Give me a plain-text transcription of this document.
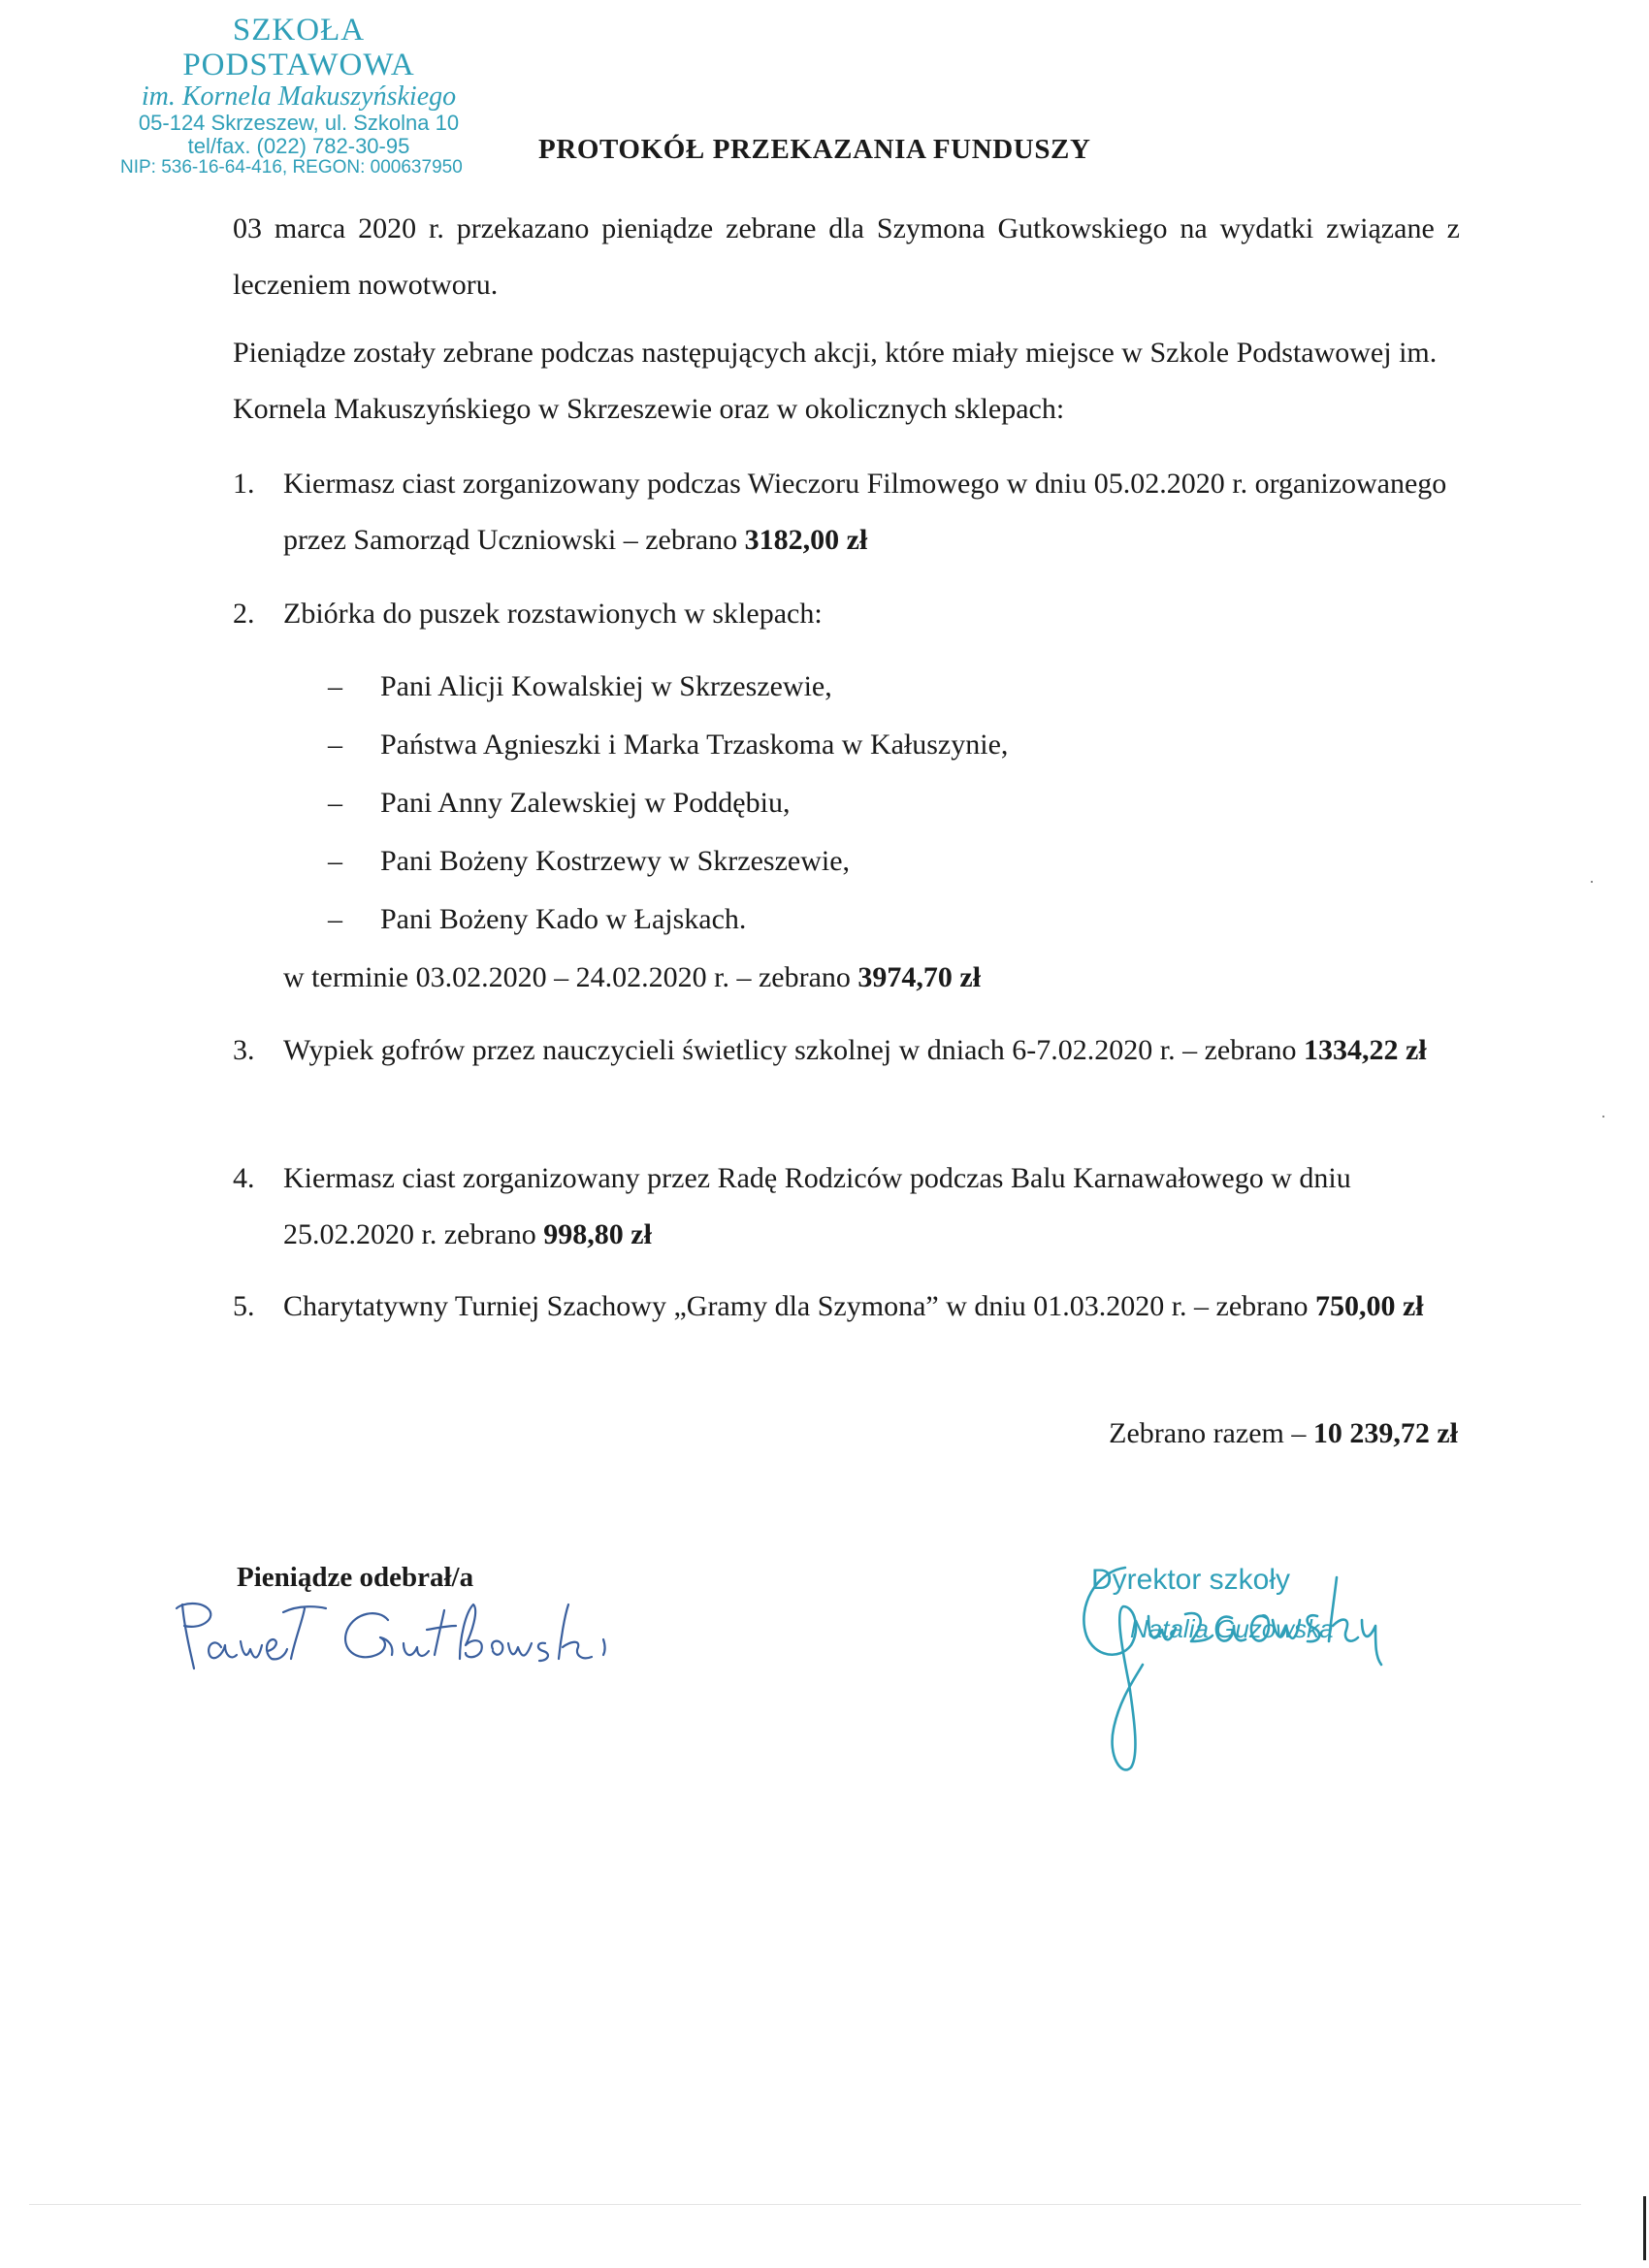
SZKOŁA PODSTAWOWA
im. Kornela Makuszyńskiego
05-124 Skrzeszew, ul. Szkolna 10
tel/fax. (022) 782-30-95
NIP: 536-16-64-416, REGON: 000637950
PROTOKÓŁ PRZEKAZANIA FUNDUSZY
03 marca 2020 r. przekazano pieniądze zebrane dla Szymona Gutkowskiego na wydatki związane z leczeniem nowotworu.
Pieniądze zostały zebrane podczas następujących akcji, które miały miejsce w Szkole Podstawowej im. Kornela Makuszyńskiego w Skrzeszewie oraz w okolicznych sklepach:
1. Kiermasz ciast zorganizowany podczas Wieczoru Filmowego w dniu 05.02.2020 r. organizowanego przez Samorząd Uczniowski – zebrano 3182,00 zł
2. Zbiórka do puszek rozstawionych w sklepach:
– Pani Alicji Kowalskiej w Skrzeszewie,
– Państwa Agnieszki i Marka Trzaskoma w Kałuszynie,
– Pani Anny Zalewskiej w Poddębiu,
– Pani Bożeny Kostrzewy w Skrzeszewie,
– Pani Bożeny Kado w Łajskach.
w terminie 03.02.2020 – 24.02.2020 r. – zebrano 3974,70 zł
3. Wypiek gofrów przez nauczycieli świetlicy szkolnej w dniach 6-7.02.2020 r. – zebrano 1334,22 zł
4. Kiermasz ciast zorganizowany przez Radę Rodziców podczas Balu Karnawałowego w dniu 25.02.2020 r. zebrano 998,80 zł
5. Charytatywny Turniej Szachowy „Gramy dla Szymona” w dniu 01.03.2020 r. – zebrano 750,00 zł
Zebrano razem – 10 239,72 zł
Pieniądze odebrał/a	Dyrektor szkoły
Natalia Guzowska
